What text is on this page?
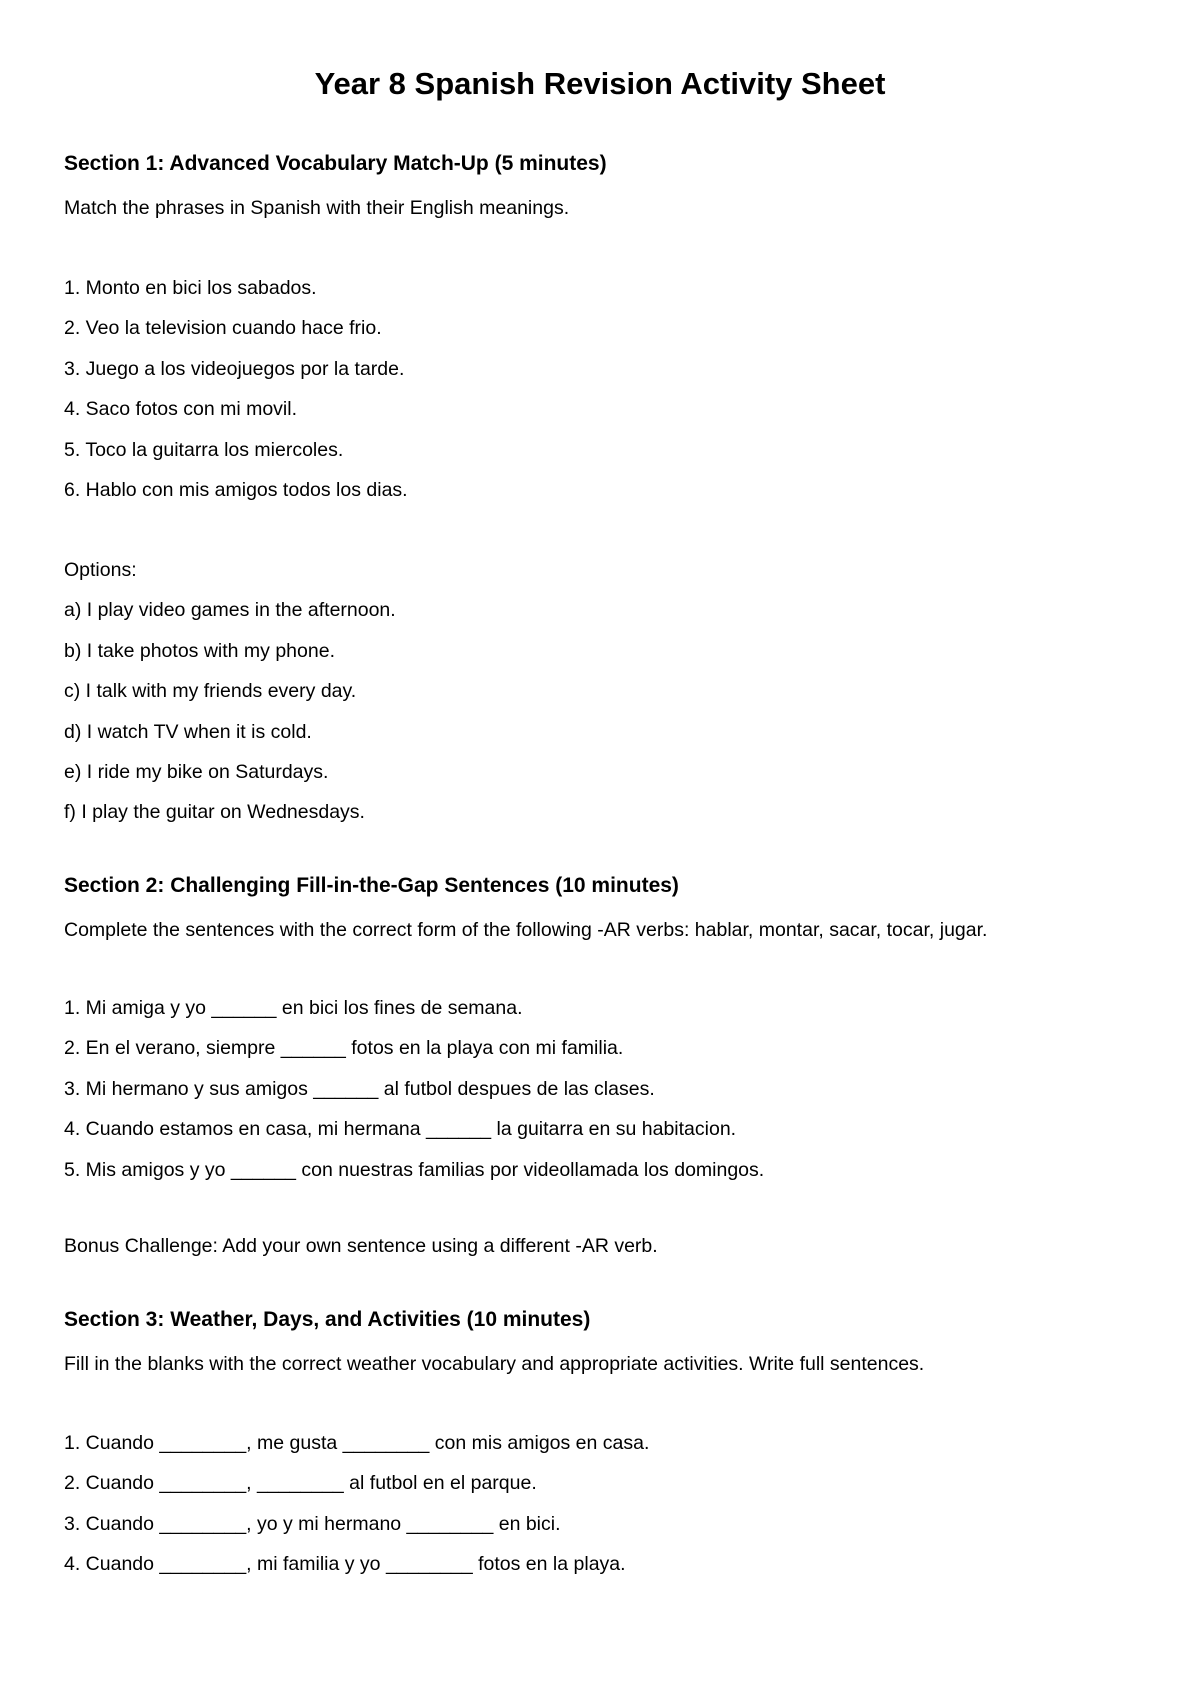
Year 8 Spanish Revision Activity Sheet
Section 1: Advanced Vocabulary Match-Up (5 minutes)

Match the phrases in Spanish with their English meanings.

1. Monto en bici los sabados.

2. Veo la television cuando hace frio.

3. Juego a los videojuegos por la tarde.

4. Saco fotos con mi movil.

5. Toco la guitarra los miercoles.

6. Hablo con mis amigos todos los dias.

Options:

a) I play video games in the afternoon.

b) I take photos with my phone.

c) I talk with my friends every day.

d) I watch TV when it is cold.

e) I ride my bike on Saturdays.

f) I play the guitar on Wednesdays.

Section 2: Challenging Fill-in-the-Gap Sentences (10 minutes)

Complete the sentences with the correct form of the following -AR verbs: hablar, montar, sacar, tocar, jugar.

1. Mi amiga y yo ______ en bici los fines de semana.

2. En el verano, siempre ______ fotos en la playa con mi familia.

3. Mi hermano y sus amigos ______ al futbol despues de las clases.

4. Cuando estamos en casa, mi hermana ______ la guitarra en su habitacion.

5. Mis amigos y yo ______ con nuestras familias por videollamada los domingos.

Bonus Challenge: Add your own sentence using a different -AR verb.

Section 3: Weather, Days, and Activities (10 minutes)

Fill in the blanks with the correct weather vocabulary and appropriate activities. Write full sentences.

1. Cuando ________, me gusta ________ con mis amigos en casa.

2. Cuando ________, ________ al futbol en el parque.

3. Cuando ________, yo y mi hermano ________ en bici.

4. Cuando ________, mi familia y yo ________ fotos en la playa.
